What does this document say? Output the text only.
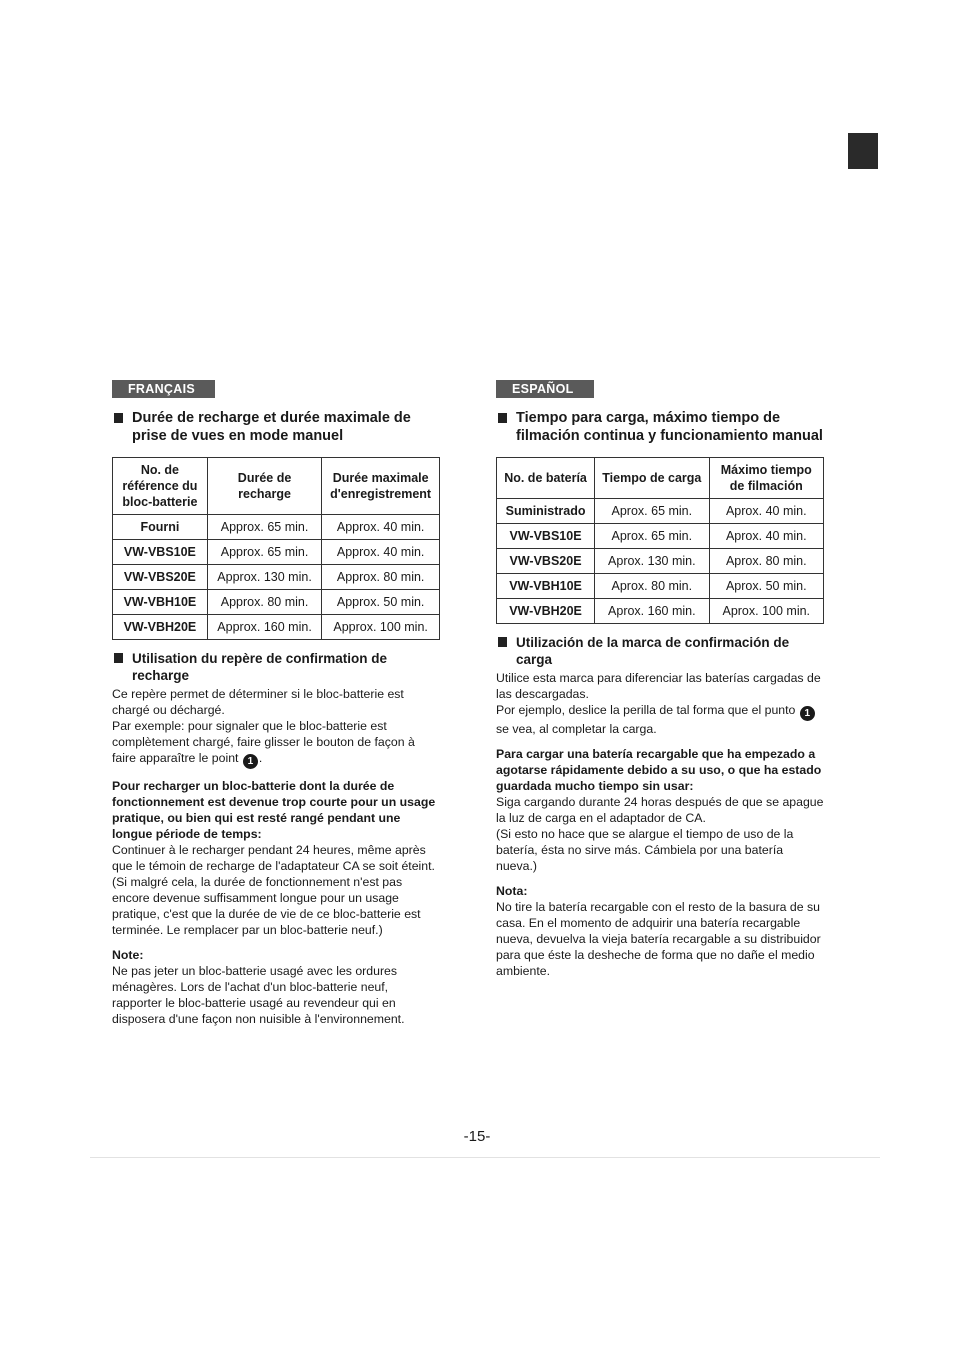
FRANÇAIS
Durée de recharge et durée maximale de prise de vues en mode manuel
No. de référence du bloc-batterie	Durée de recharge	Durée maximale d'enregistrement
Fourni	Approx. 65 min.	Approx. 40 min.
VW-VBS10E	Approx. 65 min.	Approx. 40 min.
VW-VBS20E	Approx. 130 min.	Approx. 80 min.
VW-VBH10E	Approx. 80 min.	Approx. 50 min.
VW-VBH20E	Approx. 160 min.	Approx. 100 min.
Utilisation du repère de confirmation de recharge

Ce repère permet de déterminer si le bloc-batterie est chargé ou déchargé.

Par exemple: pour signaler que le bloc-batterie est complètement chargé, faire glisser le bouton de façon à faire apparaître le point 1 .

Pour recharger un bloc-batterie dont la durée de fonctionnement est devenue trop courte pour un usage pratique, ou bien qui est resté rangé pendant une longue période de temps:

Continuer à le recharger pendant 24 heures, même après que le témoin de recharge de l'adaptateur CA se soit éteint.

(Si malgré cela, la durée de fonctionnement n'est pas encore devenue suffisamment longue pour un usage pratique, c'est que la durée de vie de ce bloc-batterie est terminée. Le remplacer par un bloc-batterie neuf.)

Note:

Ne pas jeter un bloc-batterie usagé avec les ordures ménagères. Lors de l'achat d'un bloc-batterie neuf, rapporter le bloc-batterie usagé au revendeur qui en disposera d'une façon non nuisible à l'environnement.

ESPAÑOL
Tiempo para carga, máximo tiempo de filmación continua y funcionamiento manual
No. de batería	Tiempo de carga	Máximo tiempo de filmación
Suministrado	Aprox. 65 min.	Aprox. 40 min.
VW-VBS10E	Aprox. 65 min.	Aprox. 40 min.
VW-VBS20E	Aprox. 130 min.	Aprox. 80 min.
VW-VBH10E	Aprox. 80 min.	Aprox. 50 min.
VW-VBH20E	Aprox. 160 min.	Aprox. 100 min.
Utilización de la marca de confirmación de carga

Utilice esta marca para diferenciar las baterías cargadas de las descargadas.

Por ejemplo, deslice la perilla de tal forma que el punto 1 se vea, al completar la carga.

Para cargar una batería recargable que ha empezado a agotarse rápidamente debido a su uso, o que ha estado guardada mucho tiempo sin usar:

Siga cargando durante 24 horas después de que se apague la luz de carga en el adaptador de CA.

(Si esto no hace que se alargue el tiempo de uso de la batería, ésta no sirve más. Cámbiela por una batería nueva.)

Nota:

No tire la batería recargable con el resto de la basura de su casa. En el momento de adquirir una batería recargable nueva, devuelva la vieja batería recargable a su distribuidor para que éste la desheche de forma que no dañe el medio ambiente.

-15-
